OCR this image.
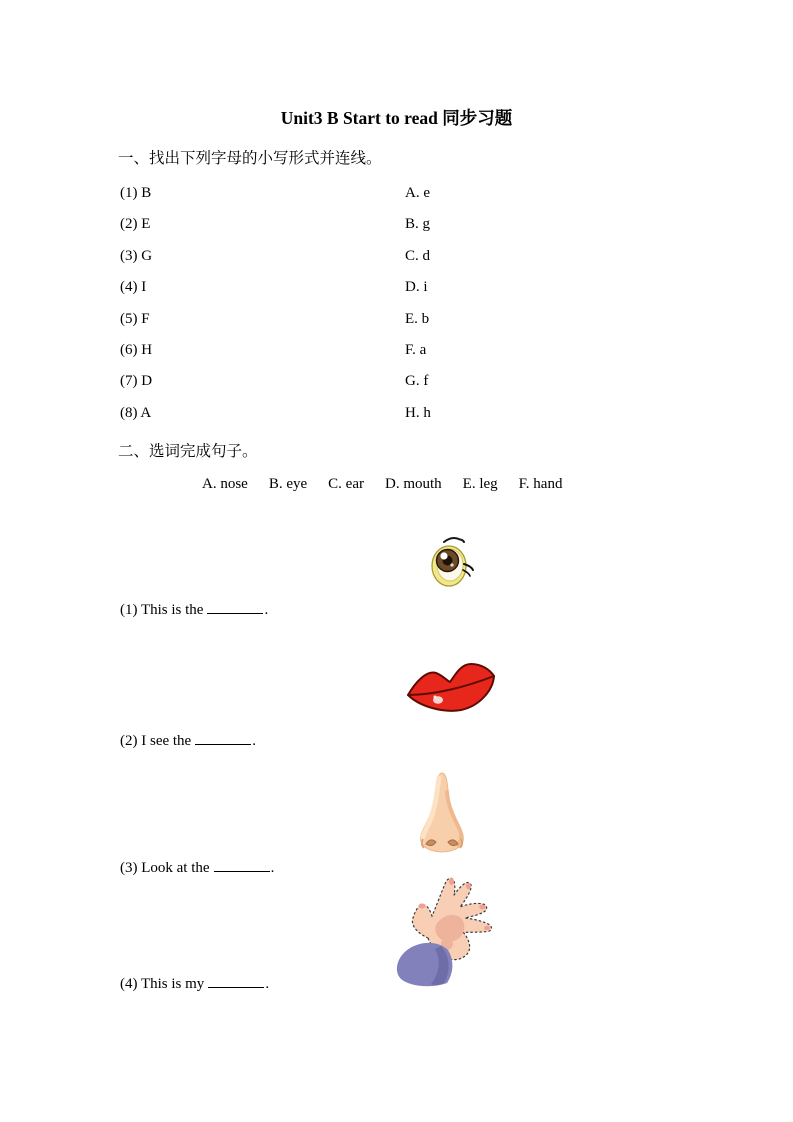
Unit3 B Start to read 同步习题
一、找出下列字母的小写形式并连线。
(1) B	A. e
(2) E	B. g
(3) G	C. d
(4) I	D. i
(5) F	E. b
(6) H	F. a
(7) D	G. f
(8) A	H. h
二、选词完成句子。
A. nose B. eye C. ear D. mouth E. leg F. hand
(1) This is the	.
(2) I see the	.
(3) Look at the	.
(4) This is my	.
